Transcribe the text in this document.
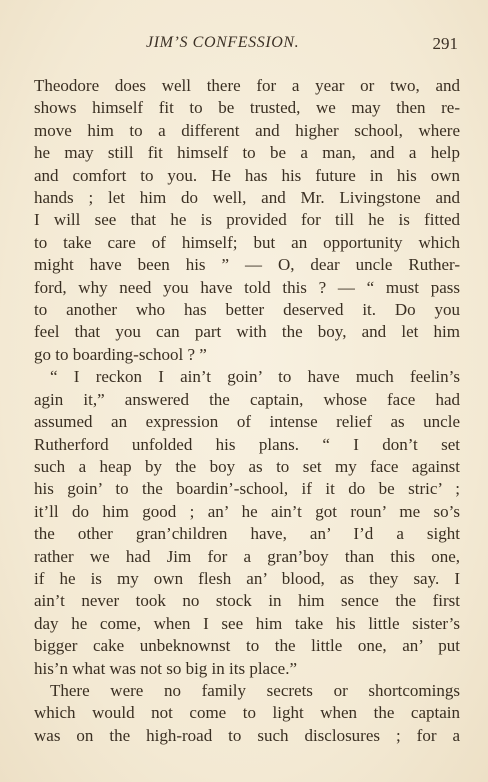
JIM’S CONFESSION.	291
Theodore does well there for a year or two, and
shows himself fit to be trusted, we may then re-
move him to a different and higher school, where
he may still fit himself to be a man, and a help
and comfort to you. He has his future in his own
hands ; let him do well, and Mr. Livingstone and
I will see that he is provided for till he is fitted
to take care of himself; but an opportunity which
might have been his ” — O, dear uncle Ruther-
ford, why need you have told this ? — “ must pass
to another who has better deserved it. Do you
feel that you can part with the boy, and let him
go to boarding-school ? ”
“ I reckon I ain’t goin’ to have much feelin’s
agin it,” answered the captain, whose face had
assumed an expression of intense relief as uncle
Rutherford unfolded his plans. “ I don’t set
such a heap by the boy as to set my face against
his goin’ to the boardin’-school, if it do be stric’ ;
it’ll do him good ; an’ he ain’t got roun’ me so’s
the other gran’children have, an’ I’d a sight
rather we had Jim for a gran’boy than this one,
if he is my own flesh an’ blood, as they say. I
ain’t never took no stock in him sence the first
day he come, when I see him take his little sister’s
bigger cake unbeknownst to the little one, an’ put
his’n what was not so big in its place.”
There were no family secrets or shortcomings
which would not come to light when the captain
was on the high-road to such disclosures ; for a
